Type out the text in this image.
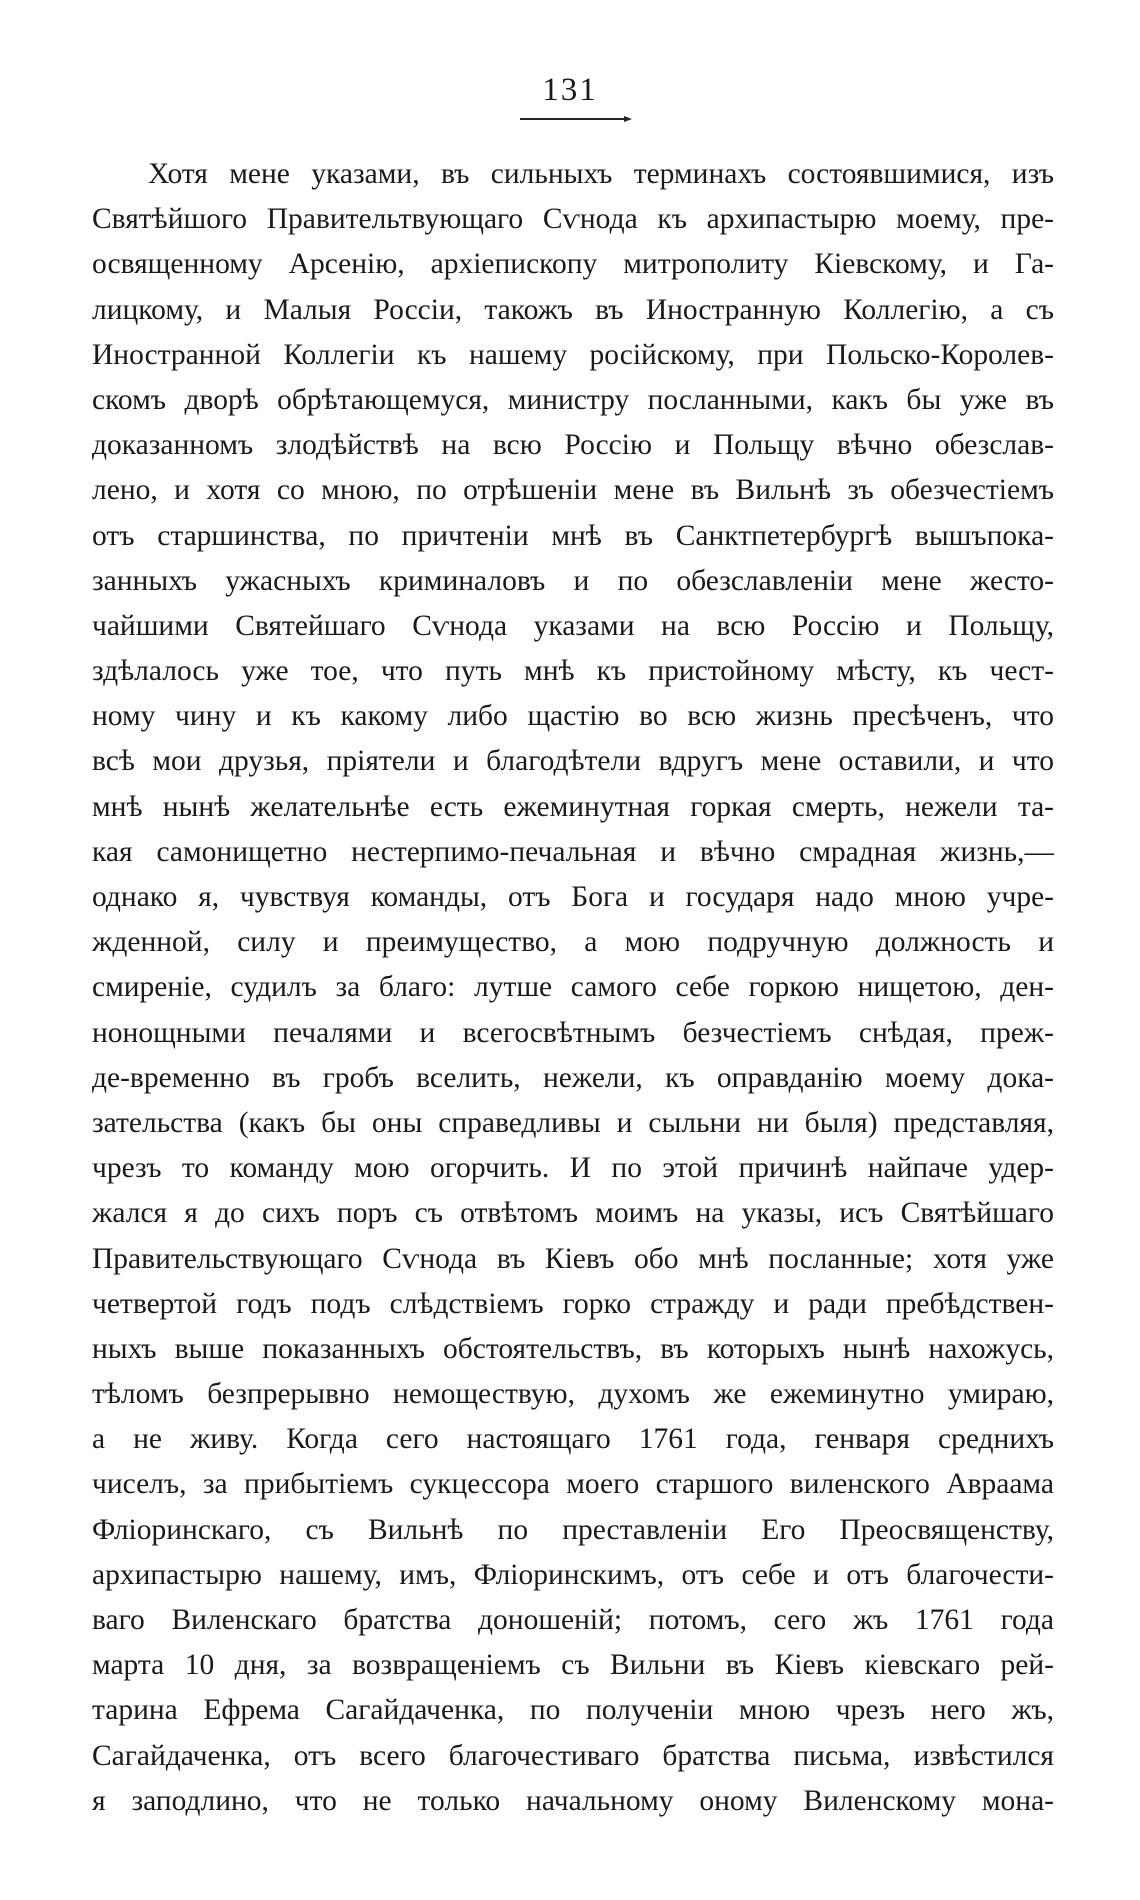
131
Хотя мене указами, въ сильныхъ терминахъ состоявшимися, изъ
Святѣйшого Правительтвующаго Сѵнода къ архипастырю моему, пре-
освященному Арсенію, архіепископу митрополиту Кіевскому, и Га-
лицкому, и Малыя Россіи, такожъ въ Иностранную Коллегію, а съ
Иностранной Коллегіи къ нашему російскому, при Польско-Королев-
скомъ дворѣ обрѣтающемуся, министру посланными, какъ бы уже въ
доказанномъ злодѣйствѣ на всю Россію и Польщу вѣчно обезслав-
лено, и хотя со мною, по отрѣшеніи мене въ Вильнѣ зъ обезчестіемъ
отъ старшинства, по причтеніи мнѣ въ Санктпетербургѣ вышъпока-
занныхъ ужасныхъ криминаловъ и по обезславленіи мене жесто-
чайшими Святейшаго Сѵнода указами на всю Россію и Польщу,
здѣлалось уже тое, что путь мнѣ къ пристойному мѣсту, къ чест-
ному чину и къ какому либо щастію во всю жизнь пресѣченъ, что
всѣ мои друзья, пріятели и благодѣтели вдругъ мене оставили, и что
мнѣ нынѣ желательнѣе есть ежеминутная горкая смерть, нежели та-
кая самонищетно нестерпимо-печальная и вѣчно смрадная жизнь,—
однако я, чувствуя команды, отъ Бога и государя надо мною учре-
жденной, силу и преимущество, а мою подручную должность и
смиреніе, судилъ за благо: лутше самого себе горкою нищетою, ден-
нонощными печалями и всегосвѣтнымъ безчестіемъ снѣдая, преж-
де-временно въ гробъ вселить, нежели, къ оправданію моему дока-
зательства (какъ бы оны справедливы и сыльни ни быля) представляя,
чрезъ то команду мою огорчить. И по этой причинѣ найпаче удер-
жался я до сихъ поръ съ отвѣтомъ моимъ на указы, исъ Святѣйшаго
Правительствующаго Сѵнода въ Кіевъ обо мнѣ посланные; хотя уже
четвертой годъ подъ слѣдствіемъ горко стражду и ради пребѣдствен-
ныхъ выше показанныхъ обстоятельствъ, въ которыхъ нынѣ нахожусь,
тѣломъ безпрерывно немоществую, духомъ же ежеминутно умираю,
а не живу. Когда сего настоящаго 1761 года, генваря среднихъ
чиселъ, за прибытіемъ сукцессора моего старшого виленского Авраама
Фліоринскаго, съ Вильнѣ по преставленіи Его Преосвященству,
архипастырю нашему, имъ, Фліоринскимъ, отъ себе и отъ благочести-
ваго Виленскаго братства доношеній; потомъ, сего жъ 1761 года
марта 10 дня, за возвращеніемъ съ Вильни въ Кіевъ кіевскаго рей-
тарина Ефрема Сагайдаченка, по полученіи мною чрезъ него жъ,
Сагайдаченка, отъ всего благочестиваго братства письма, извѣстился
я заподлино, что не только начальному оному Виленскому мона-
